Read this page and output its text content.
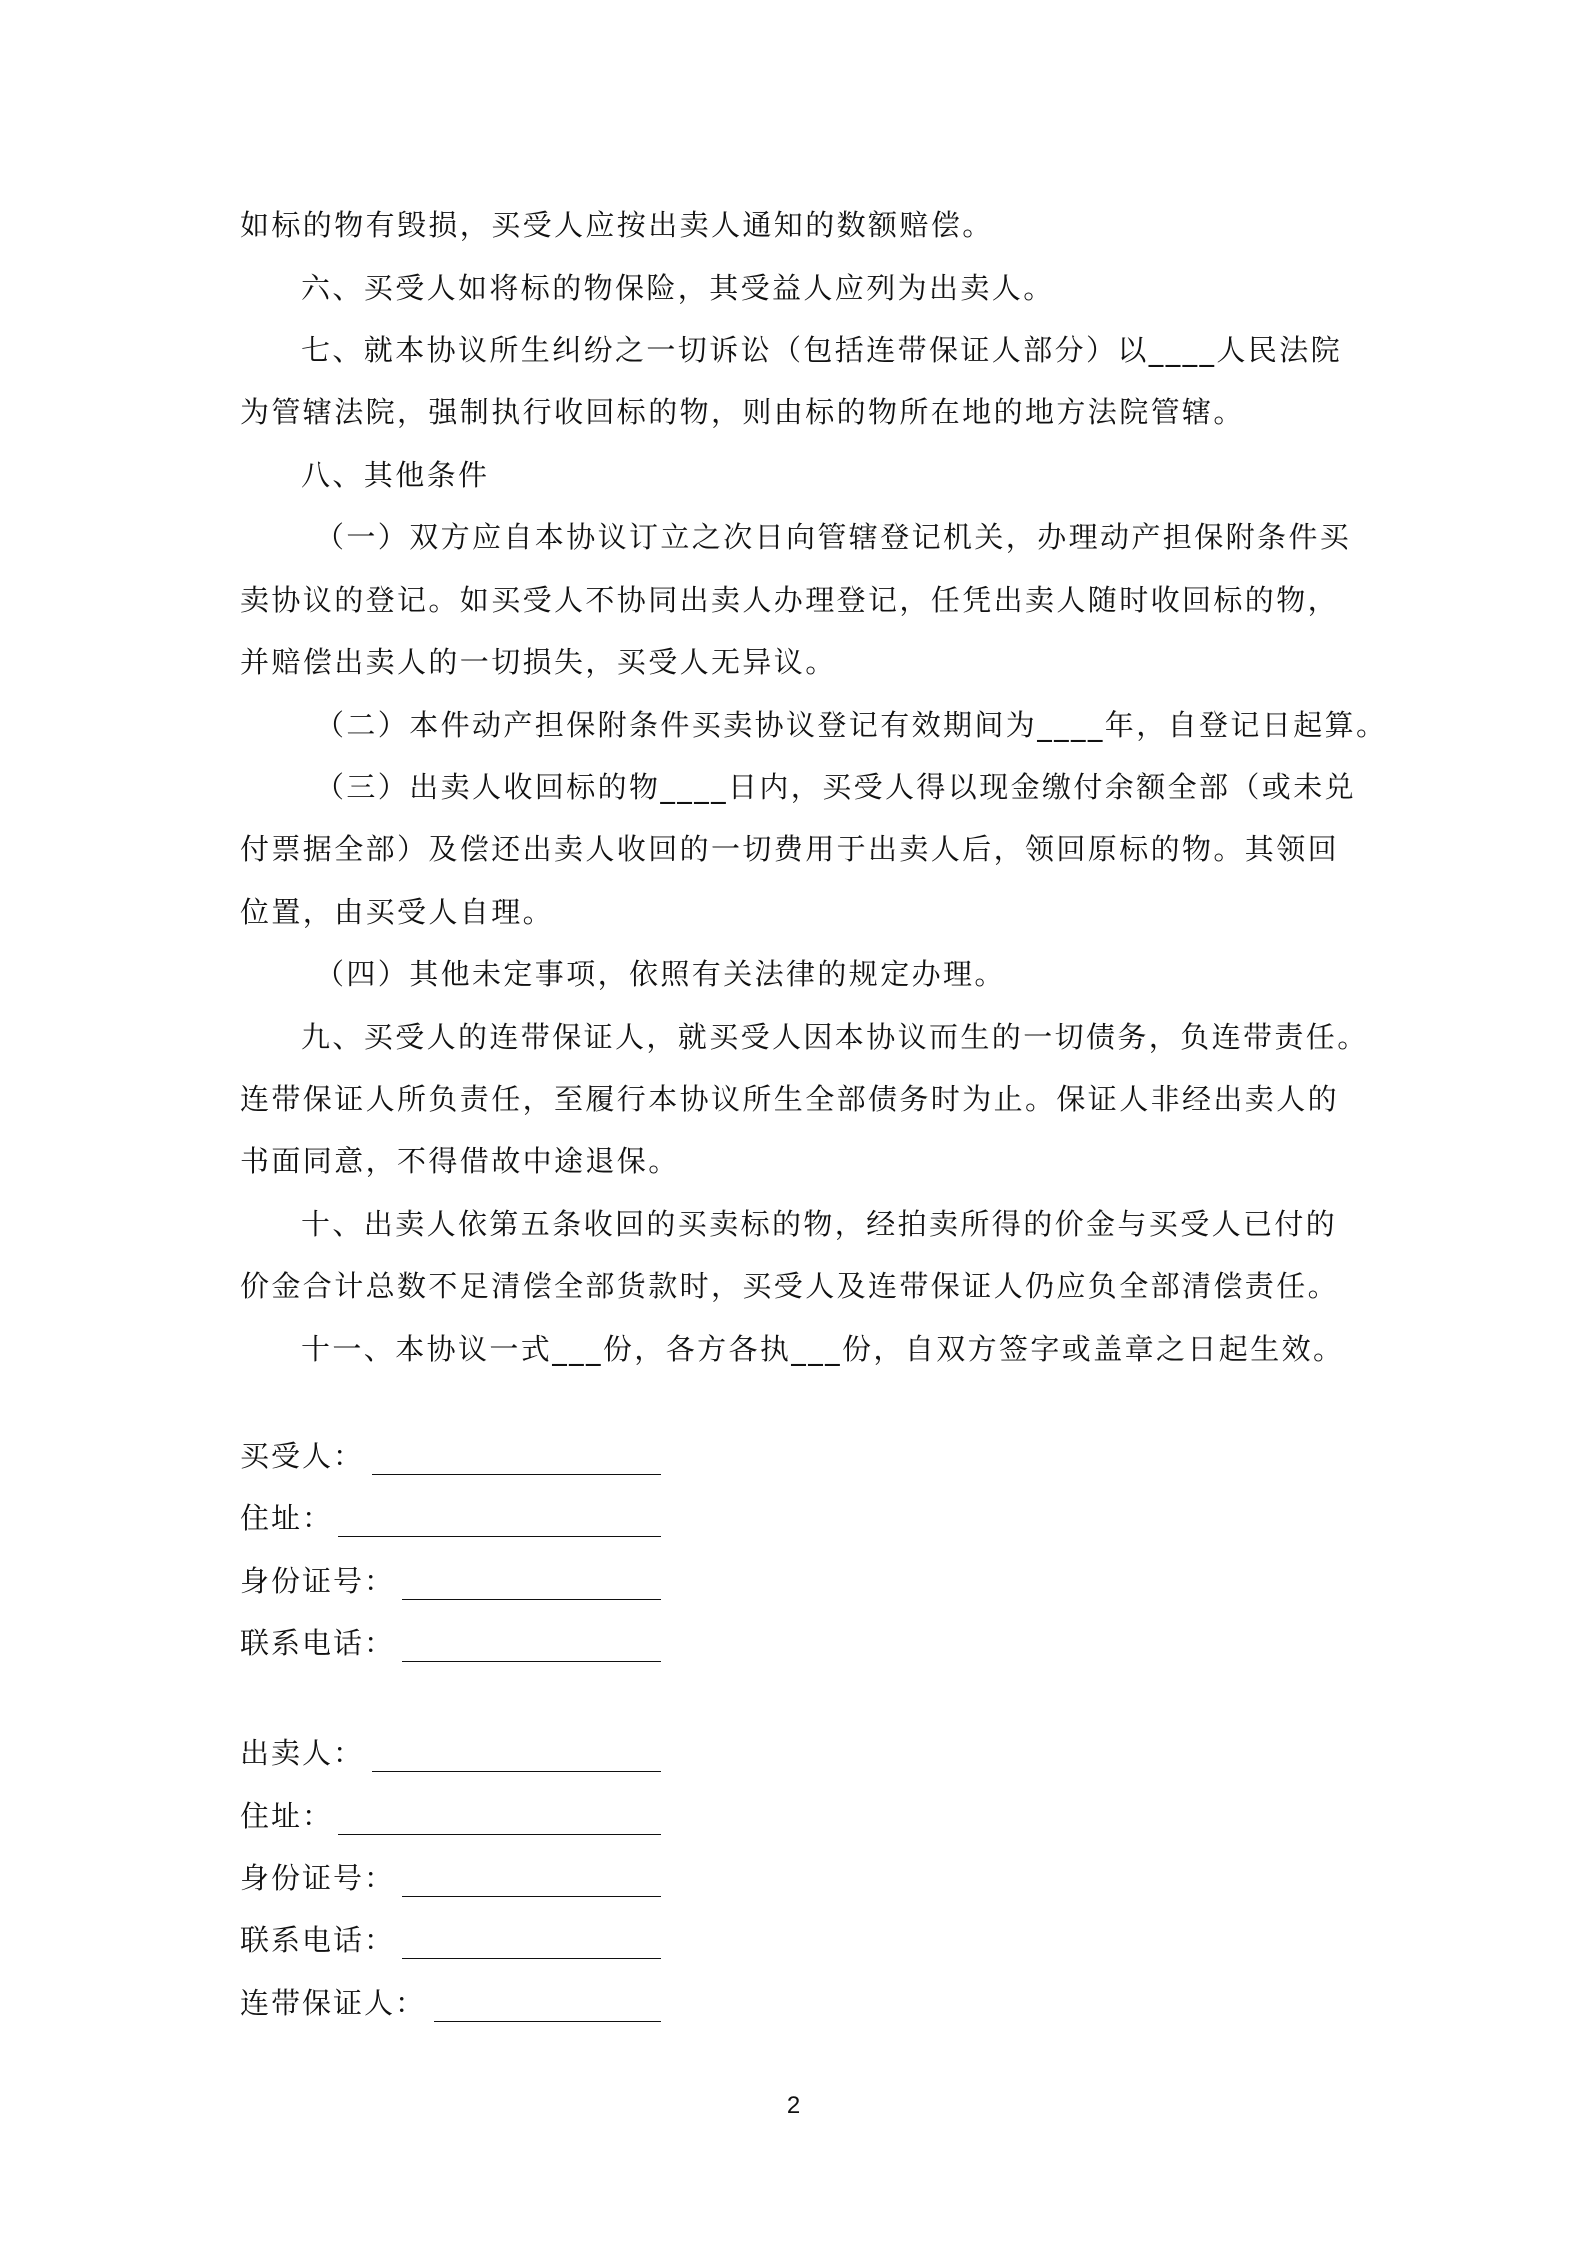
如标的物有毁损，买受人应按出卖人通知的数额赔偿。
六、买受人如将标的物保险，其受益人应列为出卖人。
七、就本协议所生纠纷之一切诉讼（包括连带保证人部分）以____人民法院
为管辖法院，强制执行收回标的物，则由标的物所在地的地方法院管辖。
八、其他条件
（一）双方应自本协议订立之次日向管辖登记机关，办理动产担保附条件买
卖协议的登记。如买受人不协同出卖人办理登记，任凭出卖人随时收回标的物，
并赔偿出卖人的一切损失，买受人无异议。
（二）本件动产担保附条件买卖协议登记有效期间为____年，自登记日起算。
（三）出卖人收回标的物____日内，买受人得以现金缴付余额全部（或未兑
付票据全部）及偿还出卖人收回的一切费用于出卖人后，领回原标的物。其领回
位置，由买受人自理。
（四）其他未定事项，依照有关法律的规定办理。
九、买受人的连带保证人，就买受人因本协议而生的一切债务，负连带责任。
连带保证人所负责任，至履行本协议所生全部债务时为止。保证人非经出卖人的
书面同意，不得借故中途退保。
十、出卖人依第五条收回的买卖标的物，经拍卖所得的价金与买受人已付的
价金合计总数不足清偿全部货款时，买受人及连带保证人仍应负全部清偿责任。
十一、本协议一式___份，各方各执___份，自双方签字或盖章之日起生效。
买受人：
住址：
身份证号：
联系电话：
出卖人：
住址：
身份证号：
联系电话：
连带保证人：
2
